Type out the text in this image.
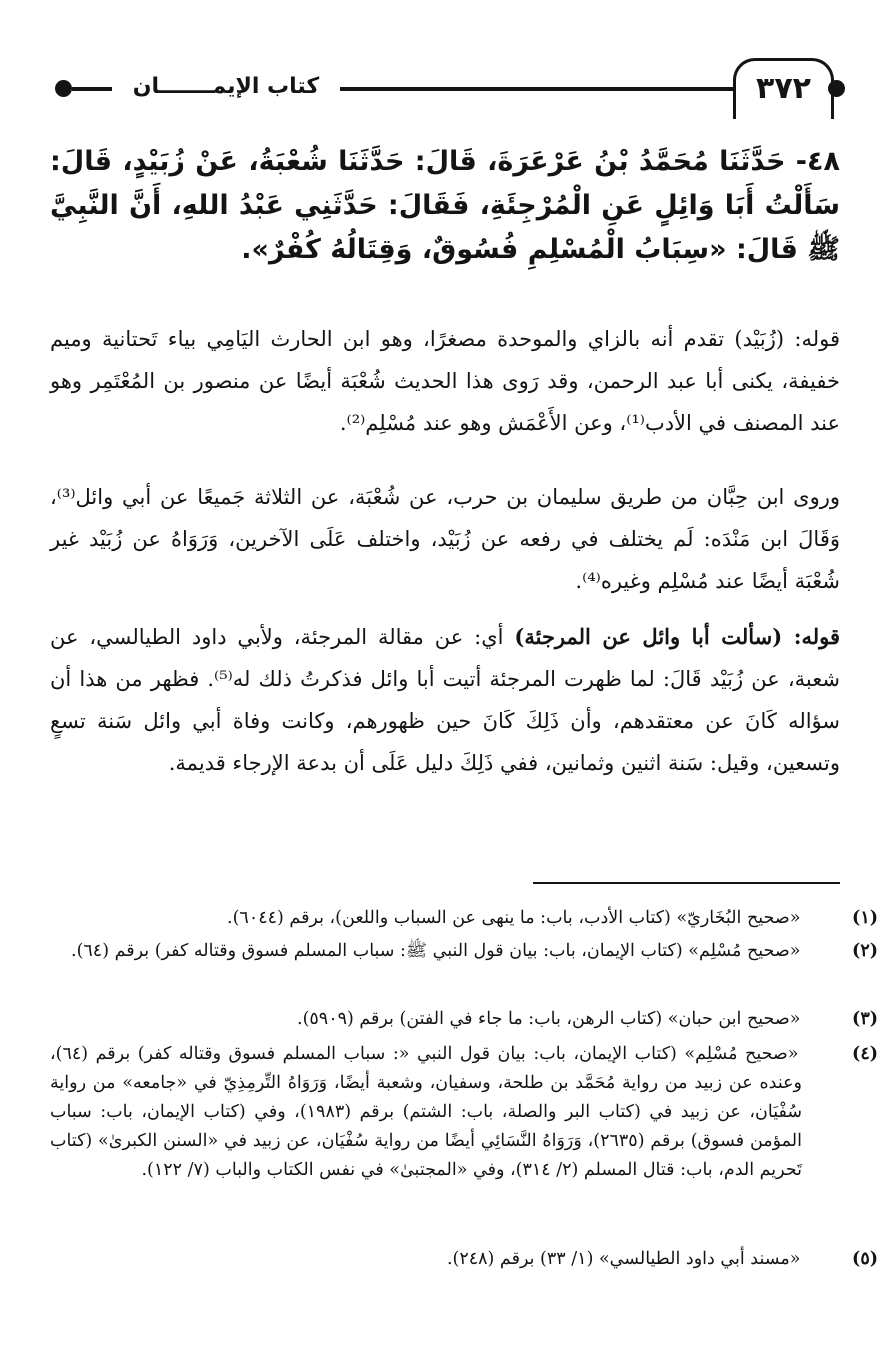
كتاب الإيمـــــــان	٣٧٢
٤٨- حَدَّثَنَا مُحَمَّدُ بْنُ عَرْعَرَةَ، قَالَ: حَدَّثَنَا شُعْبَةُ، عَنْ زُبَيْدٍ، قَالَ: سَأَلْتُ أَبَا وَائِلٍ عَنِ الْمُرْجِئَةِ، فَقَالَ: حَدَّثَنِي عَبْدُ اللهِ، أَنَّ النَّبِيَّ ﷺ قَالَ: «سِبَابُ الْمُسْلِمِ فُسُوقٌ، وَقِتَالُهُ كُفْرٌ».
قوله: (زُبَيْد) تقدم أنه بالزاي والموحدة مصغرًا، وهو ابن الحارث اليَامِي بياء تَحتانية وميم خفيفة، يكنى أبا عبد الرحمن، وقد رَوى هذا الحديث شُعْبَة أيضًا عن منصور بن المُعْتَمِر وهو عند المصنف في الأدب⁽¹⁾، وعن الأَعْمَش وهو عند مُسْلِم⁽²⁾.
وروى ابن حِبَّان من طريق سليمان بن حرب، عن شُعْبَة، عن الثلاثة جَميعًا عن أبي وائل⁽³⁾، وَقَالَ ابن مَنْدَه: لَم يختلف في رفعه عن زُبَيْد، واختلف عَلَى الآخرين، وَرَوَاهُ عن زُبَيْد غير شُعْبَة أيضًا عند مُسْلِم وغيره⁽⁴⁾.
قوله: (سألت أبا وائل عن المرجئة) أي: عن مقالة المرجئة، ولأبي داود الطيالسي، عن شعبة، عن زُبَيْد قَالَ: لما ظهرت المرجئة أتيت أبا وائل فذكرتُ ذلك له⁽⁵⁾. فظهر من هذا أن سؤاله كَانَ عن معتقدهم، وأن ذَلِكَ كَانَ حين ظهورهم، وكانت وفاة أبي وائل سَنة تسعٍ وتسعين، وقيل: سَنة اثنين وثمانين، ففي ذَلِكَ دليل عَلَى أن بدعة الإرجاء قديمة.
(١) «صحيح البُخَاريّ» (كتاب الأدب، باب: ما ينهى عن السباب واللعن)، برقم (٦٠٤٤).
(٢) «صحيح مُسْلِم» (كتاب الإيمان، باب: بيان قول النبي ﷺ: سباب المسلم فسوق وقتاله كفر) برقم (٦٤).
(٣) «صحيح ابن حبان» (كتاب الرهن، باب: ما جاء في الفتن) برقم (٥٩٠٩).
(٤) «صحيح مُسْلِم» (كتاب الإيمان، باب: بيان قول النبي «: سباب المسلم فسوق وقتاله كفر) برقم (٦٤)، وعنده عن زبيد من رواية مُحَمَّد بن طلحة، وسفيان، وشعبة أيضًا، وَرَوَاهُ التِّرمِذِيّ في «جامعه» من رواية سُفْيَان، عن زبيد في (كتاب البر والصلة، باب: الشتم) برقم (١٩٨٣)، وفي (كتاب الإيمان، باب: سباب المؤمن فسوق) برقم (٢٦٣٥)، وَرَوَاهُ النَّسَائِي أيضًا من رواية سُفْيَان، عن زبيد في «السنن الكبرىٰ» (كتاب تَحريم الدم، باب: قتال المسلم (٢/ ٣١٤)، وفي «المجتبىٰ» في نفس الكتاب والباب (٧/ ١٢٢).
(٥) «مسند أبي داود الطيالسي» (١/ ٣٣) برقم (٢٤٨).
